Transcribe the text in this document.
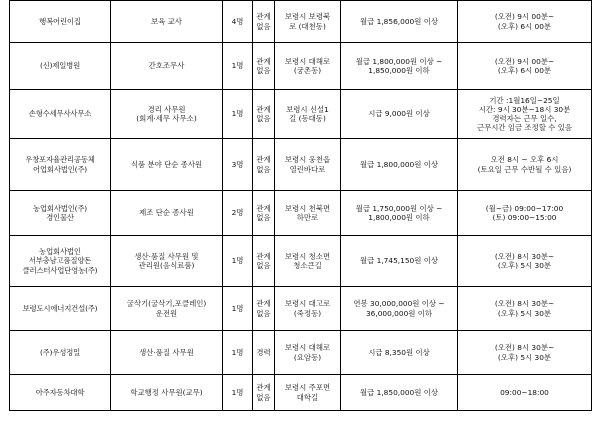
행복어린이집	보육 교사	4명	관계
없음	보령시 보령북
로 (대천동)	월급 1,856,000원 이상	(오전) 9시 00분~
(오후) 6시 00분
(신)제일병원	간호조무사	1명	관계
없음	보령시 대해로
(궁촌동)	월급 1,800,000원 이상 ~
1,850,000원 이하	(오전) 9시 00분~
(오후) 6시 00분
손형수세무사사무소	경리 사무원
(회계·세무 사무소)	1명	관계
없음	보령시 신설1
길 (동대동)	시급 9,000원 이상	기간 :1월16일~25일
시간: 9시 30분~18시 30분
경력자는 근무 일수,
근무시간 임금 조정할 수 있음
우창포자율관리공동체
어업회사법인(주)	식품 분야 단순 종사원	3명	관계
없음	보령시 웅천읍
열린바다로	월급 1,800,000원 이상	오전 8시 ~ 오후 6시
(토요일 근무 수반될 수 있음)
농업회사법인(주)
경인물산	제조 단순 종사원	2명	관계
없음	보령시 천북면
하만로	월급 1,750,000원 이상 ~
1,800,000원 이하	(월~금) 09:00~17:00
(토) 09:00~15:00
농업회사법인
서부충남고품질양돈
클러스터사업단영농(주)	생산·품질 사무원 및
관리원(음식료품)	1명	관계
없음	보령시 청소면
청소큰길	월급 1,745,150원 이상	(오전) 8시 30분~
(오후) 5시 30분
보령도시에너지건설(주)	굴삭기(굴삭기,포클레인)
운전원	1명	관계
없음	보령시 대고로
(죽정동)	연봉 30,000,000원 이상 ~
36,000,000원 이하	(오전) 8시 30분~
(오후) 5시 30분
(주)우성정밀	생산·품질 사무원	1명	경력	보령시 대해로
(요암동)	시급 8,350원 이상	(오전) 8시 30분~
(오후) 5시 30분
아주자동차대학	학교행정 사무원(교무)	1명	관계
없음	보령시 주포면
대학길	월급 1,850,000원 이상	09:00~18:00
